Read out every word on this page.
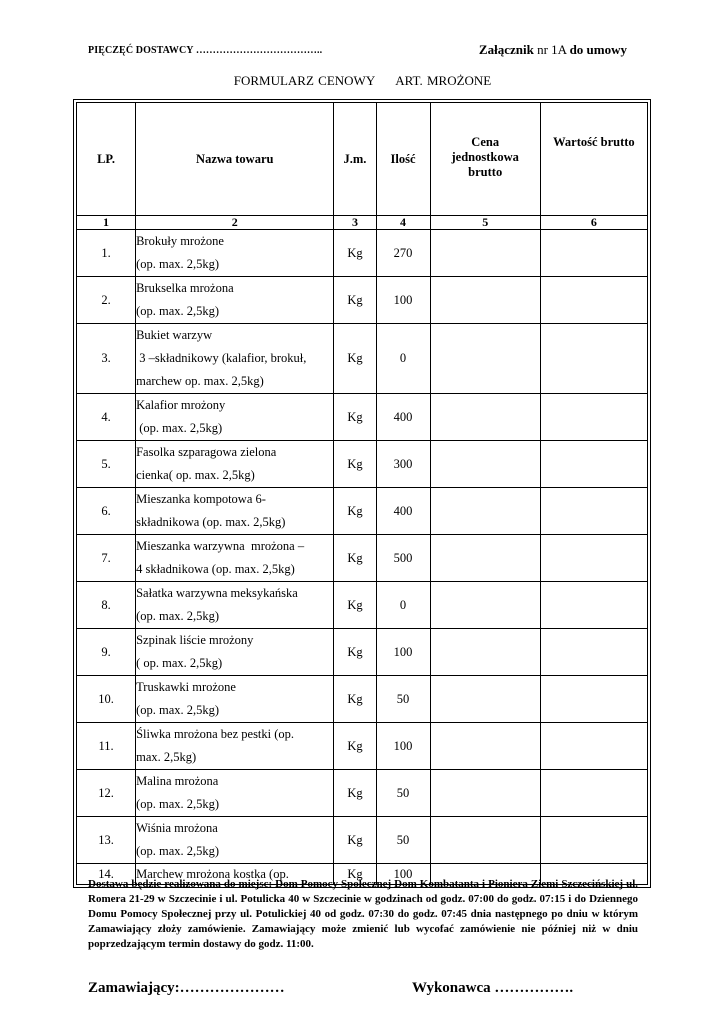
PIĘCZĘĆ DOSTAWCY ………………………………..	Załącznik nr 1A do umowy
FORMULARZ CENOWY ART. MROŻONE
LP.	Nazwa towaru	J.m.	Ilość	Cena
jednostkowa
brutto	Wartość brutto
1	2	3	4	5	6
1.	Brokuły mrożone
(op. max. 2,5kg)	Kg	270		
2.	Brukselka mrożona
(op. max. 2,5kg)	Kg	100		
3.	Bukiet warzyw
3 –składnikowy (kalafior, brokuł,
marchew op. max. 2,5kg)	Kg	0		
4.	Kalafior mrożony
(op. max. 2,5kg)	Kg	400		
5.	Fasolka szparagowa zielona
cienka( op. max. 2,5kg)	Kg	300		
6.	Mieszanka kompotowa 6-
składnikowa (op. max. 2,5kg)	Kg	400		
7.	Mieszanka warzywna  mrożona –
4 składnikowa (op. max. 2,5kg)	Kg	500		
8.	Sałatka warzywna meksykańska
(op. max. 2,5kg)	Kg	0		
9.	Szpinak liście mrożony
( op. max. 2,5kg)	Kg	100		
10.	Truskawki mrożone
(op. max. 2,5kg)	Kg	50		
11.	Śliwka mrożona bez pestki (op.
max. 2,5kg)	Kg	100		
12.	Malina mrożona
(op. max. 2,5kg)	Kg	50		
13.	Wiśnia mrożona
(op. max. 2,5kg)	Kg	50		
14.	Marchew mrożona kostka (op.	Kg	100		
Dostawa będzie realizowana do miejsc: Dom Pomocy Społecznej Dom Kombatanta i Pioniera Ziemi Szczecińskiej ul. Romera 21-29 w Szczecinie i ul. Potulicka 40 w Szczecinie w godzinach od godz. 07:00 do godz. 07:15 i do Dziennego Domu Pomocy Społecznej przy ul. Potulickiej 40 od godz. 07:30 do godz. 07:45 dnia następnego po dniu w którym Zamawiający złoży zamówienie. Zamawiający może zmienić lub wycofać zamówienie nie później niż w dniu poprzedzającym termin dostawy do godz. 11:00.
Zamawiający:…………………	Wykonawca …………….
